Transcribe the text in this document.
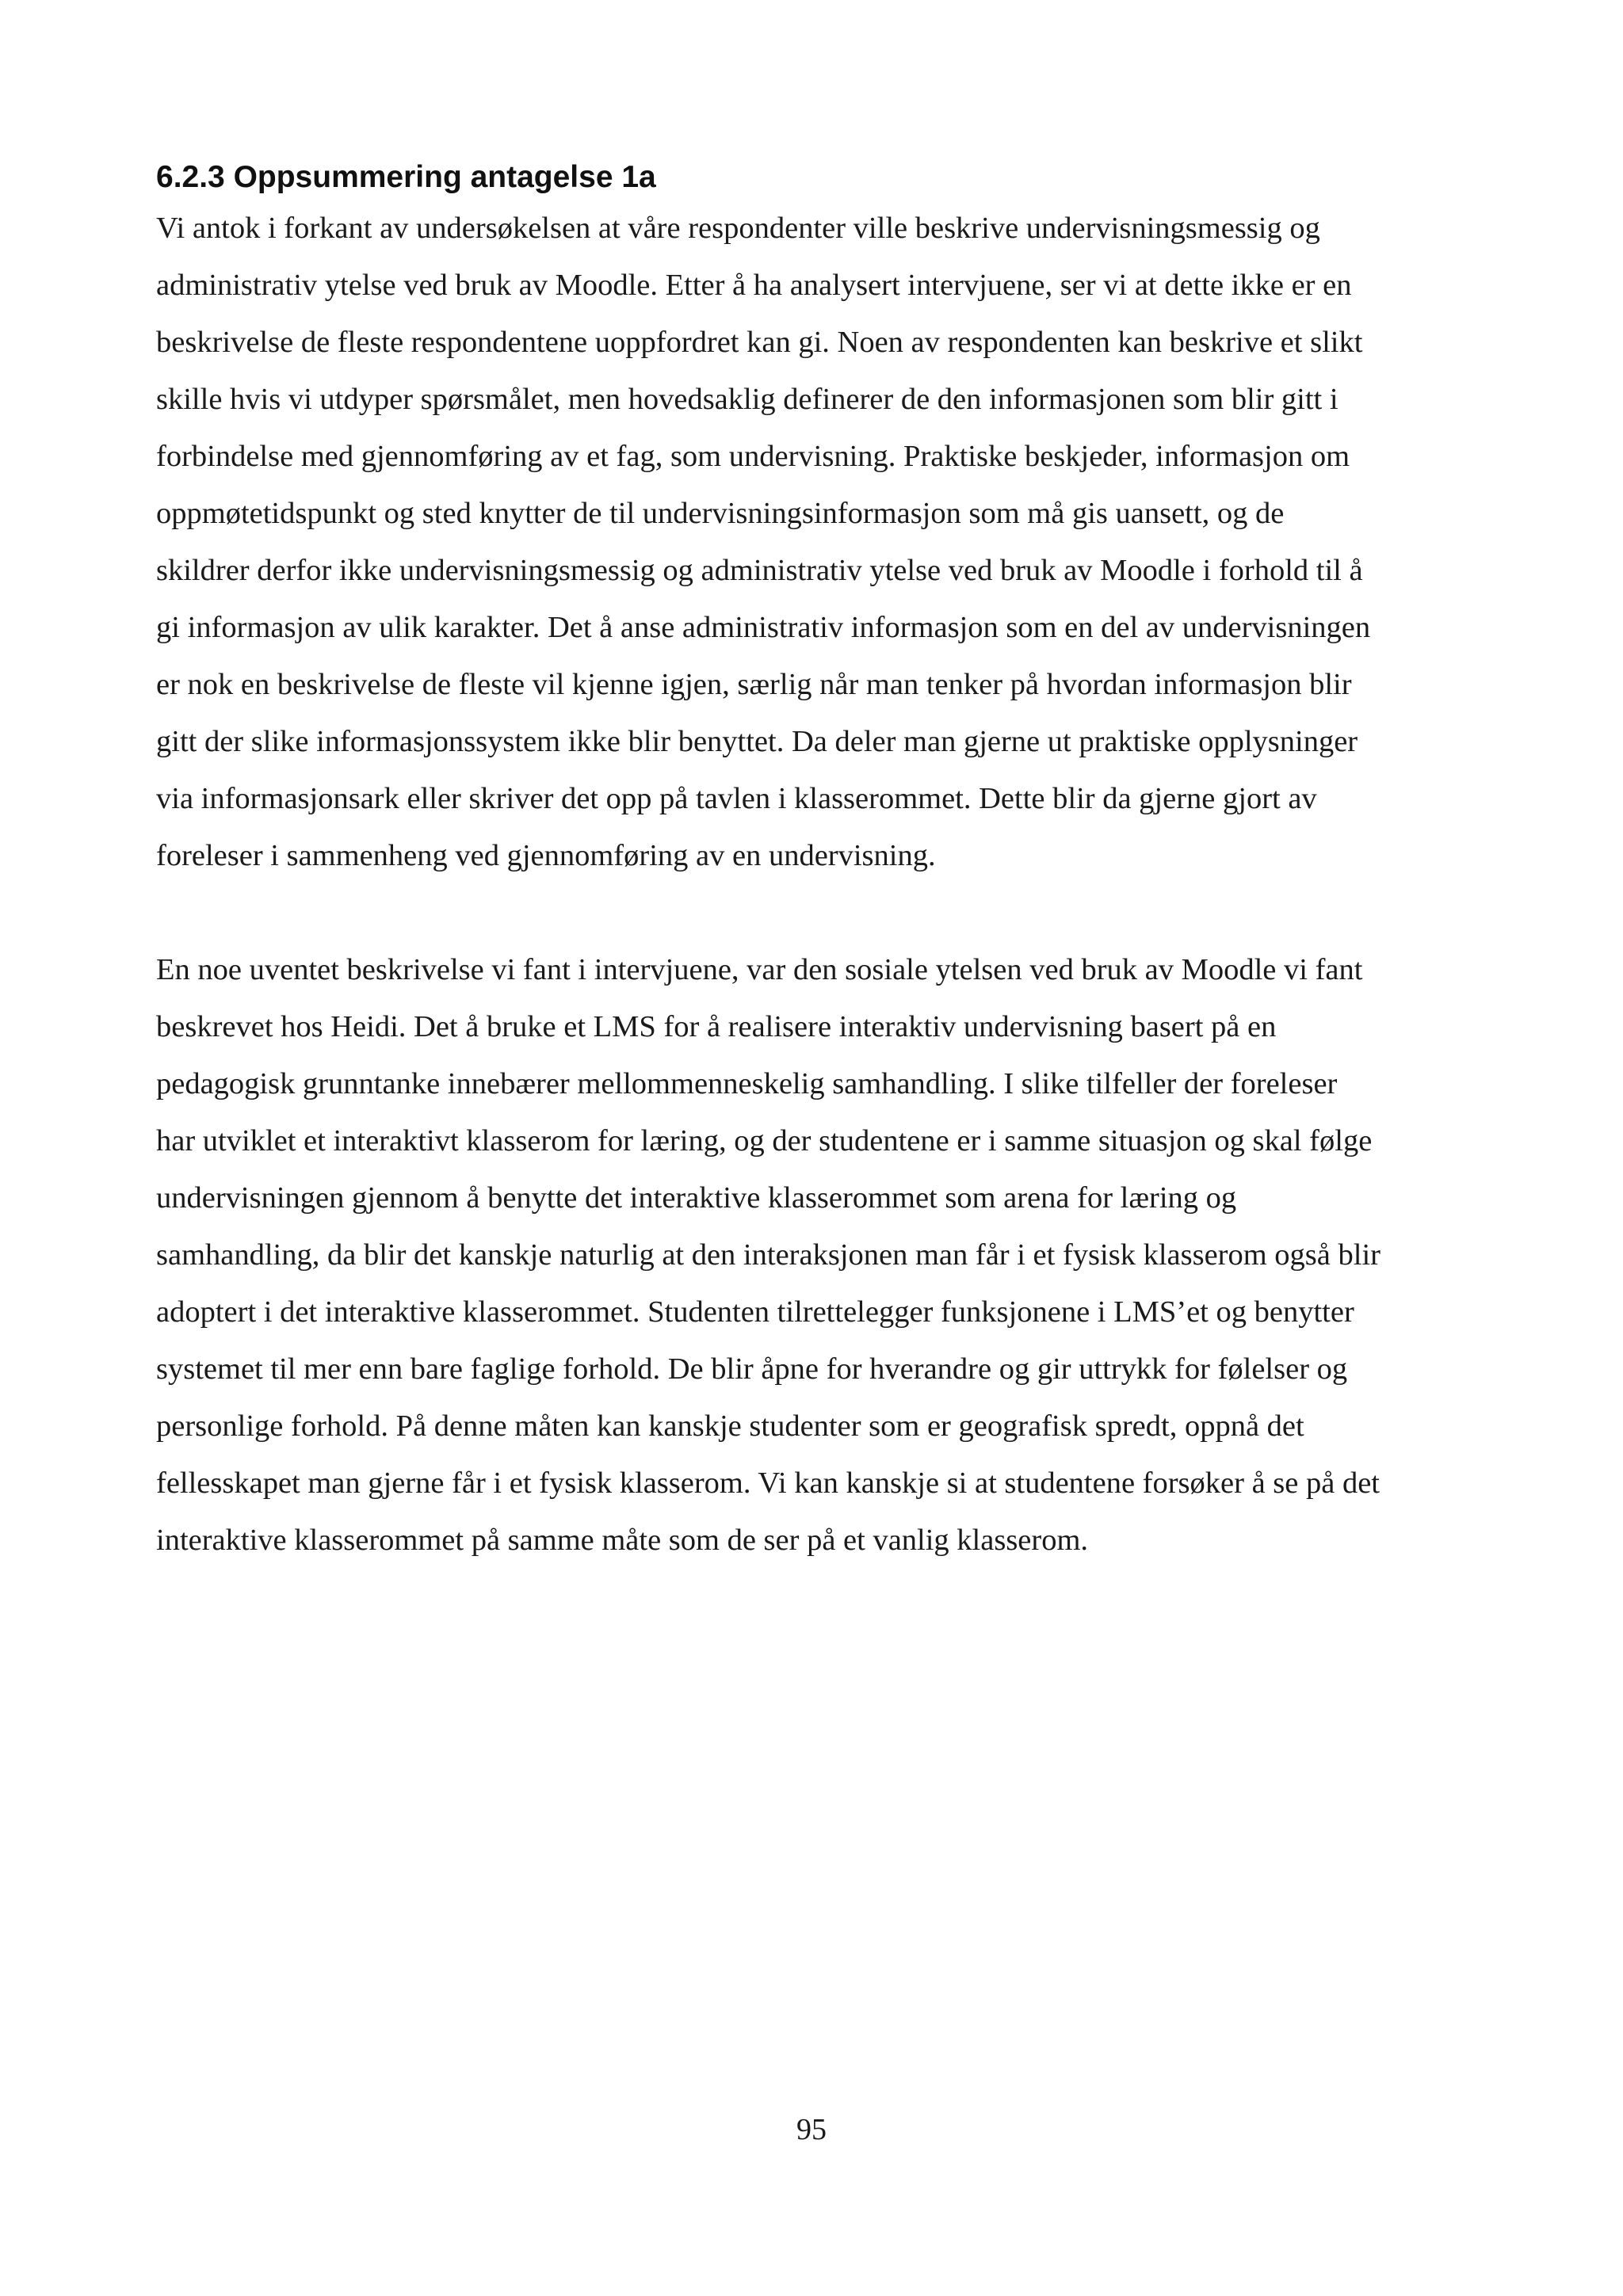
6.2.3 Oppsummering antagelse 1a

Vi antok i forkant av undersøkelsen at våre respondenter ville beskrive undervisningsmessig og
administrativ ytelse ved bruk av Moodle. Etter å ha analysert intervjuene, ser vi at dette ikke er en
beskrivelse de fleste respondentene uoppfordret kan gi. Noen av respondenten kan beskrive et slikt
skille hvis vi utdyper spørsmålet, men hovedsaklig definerer de den informasjonen som blir gitt i
forbindelse med gjennomføring av et fag, som undervisning. Praktiske beskjeder, informasjon om
oppmøtetidspunkt og sted knytter de til undervisningsinformasjon som må gis uansett, og de
skildrer derfor ikke undervisningsmessig og administrativ ytelse ved bruk av Moodle i forhold til å
gi informasjon av ulik karakter. Det å anse administrativ informasjon som en del av undervisningen
er nok en beskrivelse de fleste vil kjenne igjen, særlig når man tenker på hvordan informasjon blir
gitt der slike informasjonssystem ikke blir benyttet. Da deler man gjerne ut praktiske opplysninger
via informasjonsark eller skriver det opp på tavlen i klasserommet. Dette blir da gjerne gjort av
foreleser i sammenheng ved gjennomføring av en undervisning.

En noe uventet beskrivelse vi fant i intervjuene, var den sosiale ytelsen ved bruk av Moodle vi fant
beskrevet hos Heidi. Det å bruke et LMS for å realisere interaktiv undervisning basert på en
pedagogisk grunntanke innebærer mellommenneskelig samhandling. I slike tilfeller der foreleser
har utviklet et interaktivt klasserom for læring, og der studentene er i samme situasjon og skal følge
undervisningen gjennom å benytte det interaktive klasserommet som arena for læring og
samhandling, da blir det kanskje naturlig at den interaksjonen man får i et fysisk klasserom også blir
adoptert i det interaktive klasserommet. Studenten tilrettelegger funksjonene i LMS’et og benytter
systemet til mer enn bare faglige forhold. De blir åpne for hverandre og gir uttrykk for følelser og
personlige forhold. På denne måten kan kanskje studenter som er geografisk spredt, oppnå det
fellesskapet man gjerne får i et fysisk klasserom. Vi kan kanskje si at studentene forsøker å se på det
interaktive klasserommet på samme måte som de ser på et vanlig klasserom.

95
